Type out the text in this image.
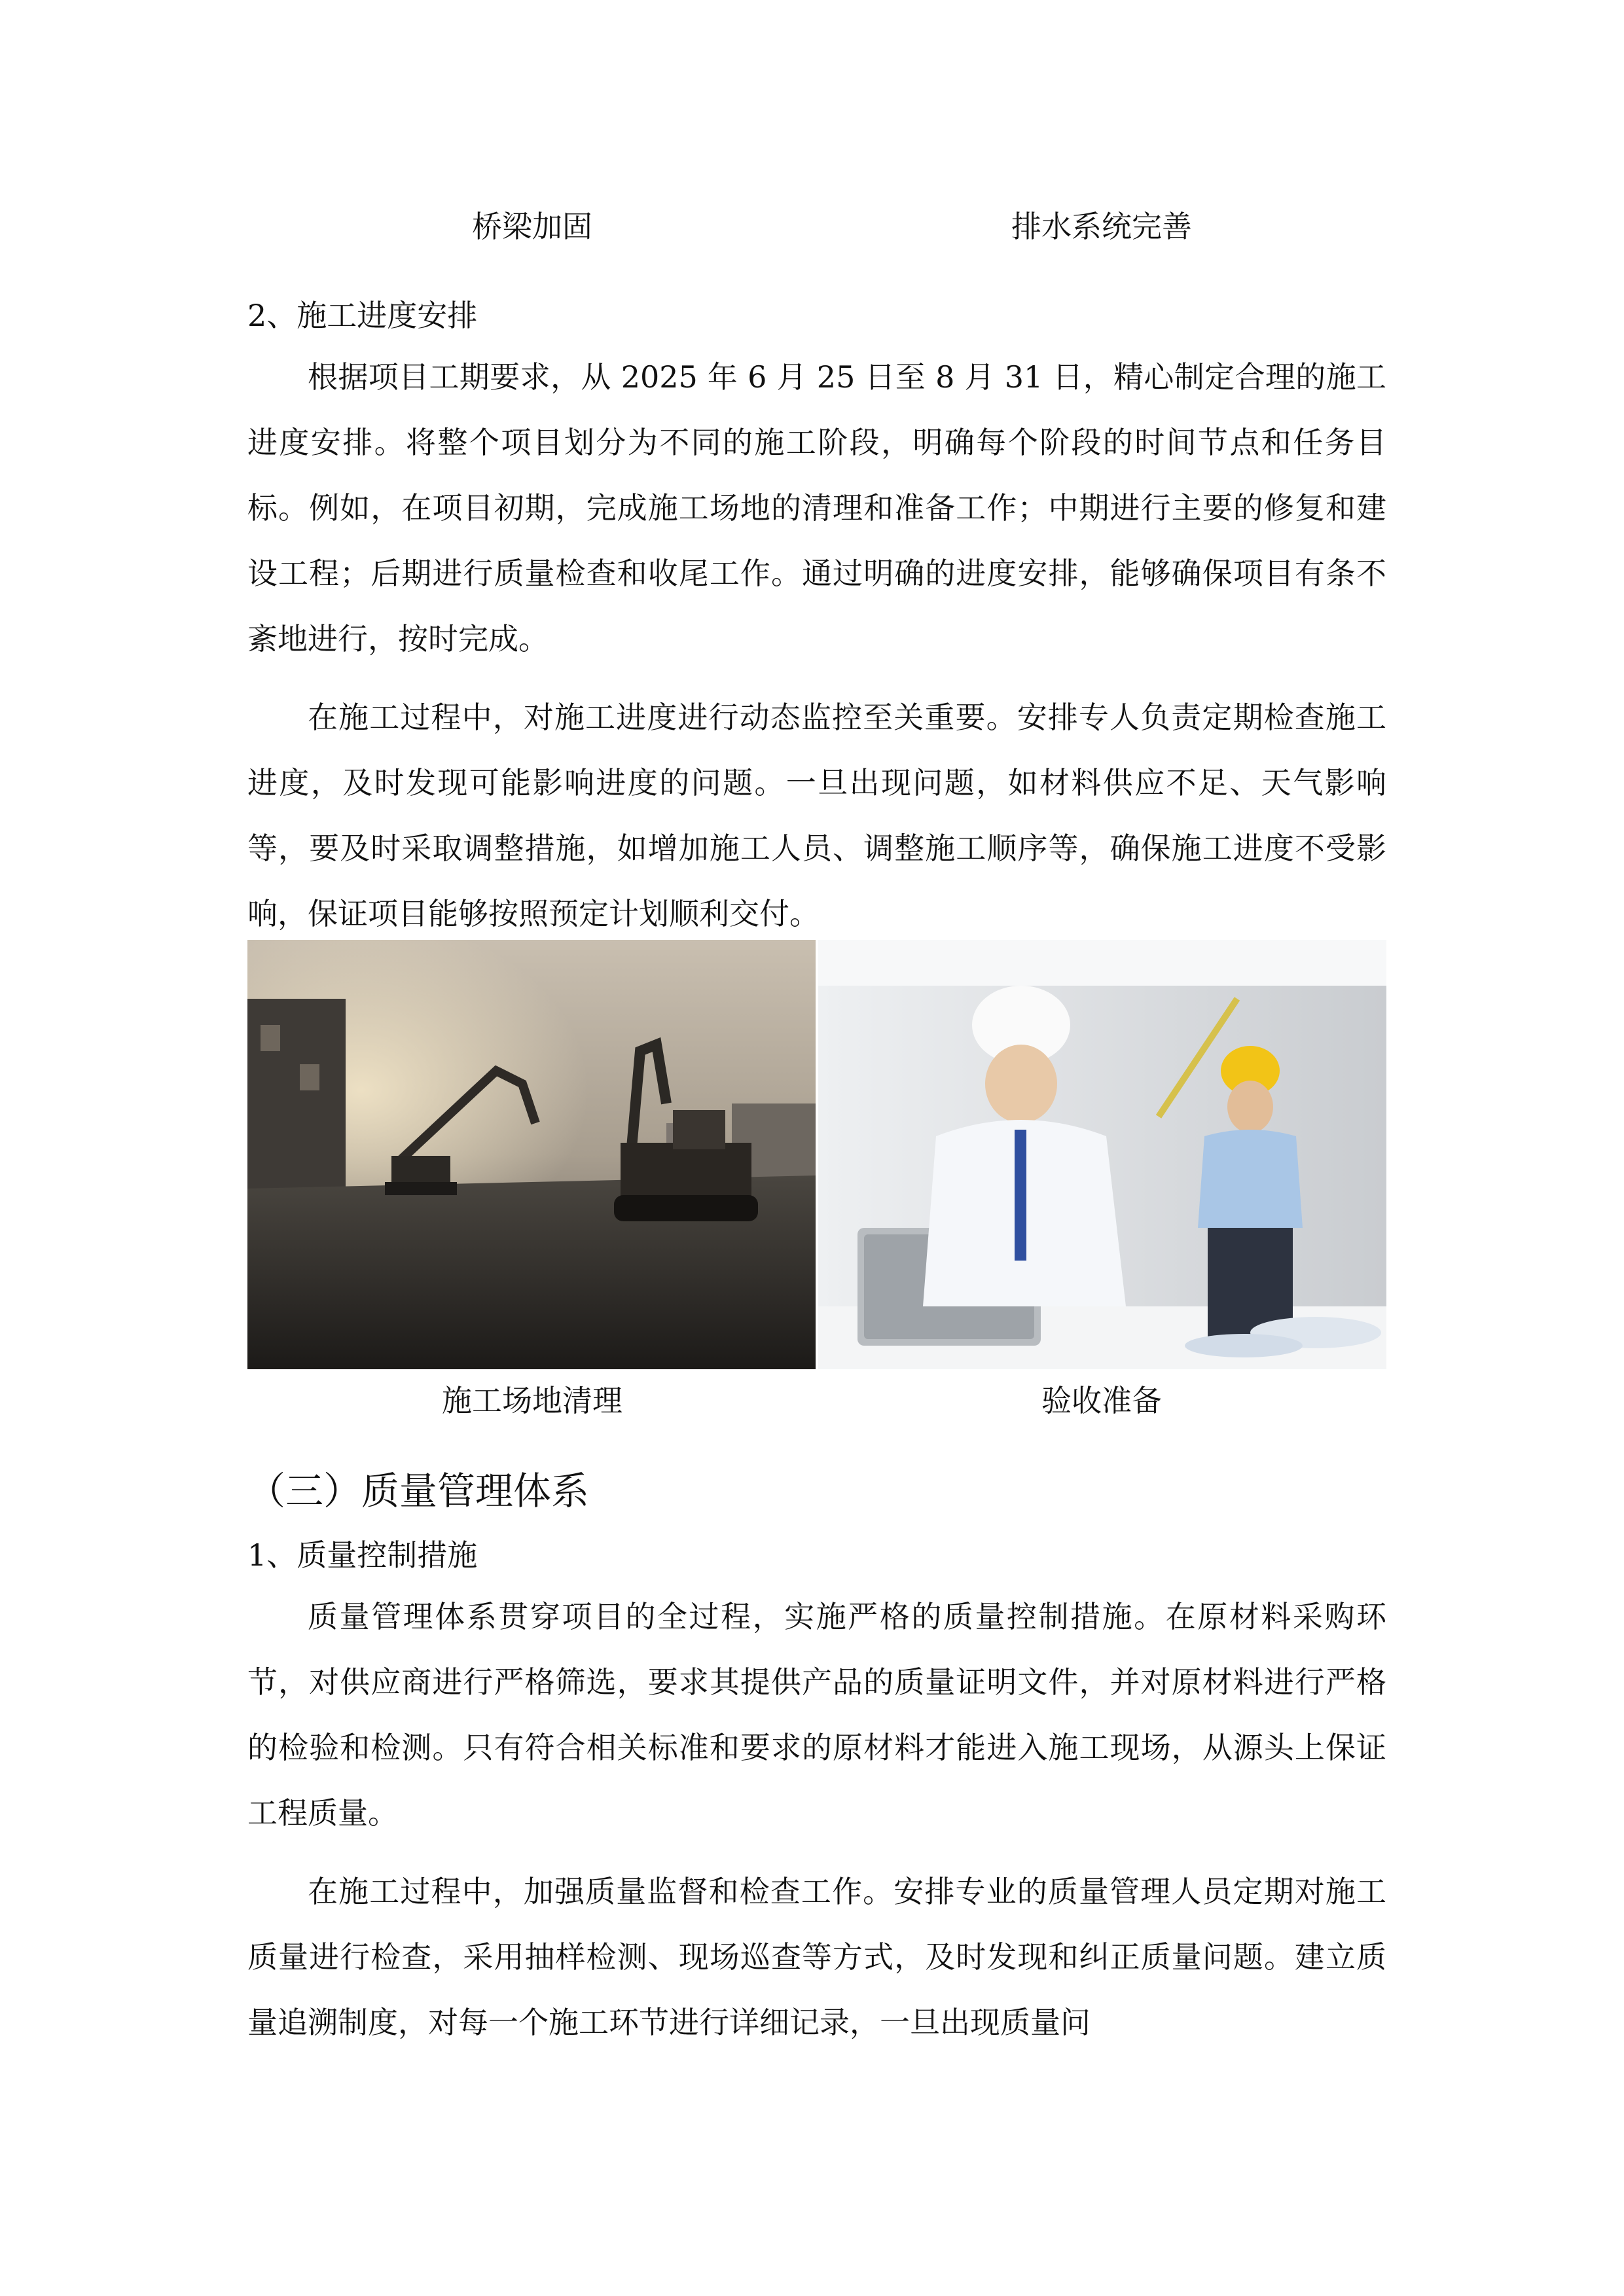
桥梁加固	排水系统完善
2、施工进度安排

根据项目工期要求，从 2025 年 6 月 25 日至 8 月 31 日，精心制定合理的施工进度安排。将整个项目划分为不同的施工阶段，明确每个阶段的时间节点和任务目标。例如，在项目初期，完成施工场地的清理和准备工作；中期进行主要的修复和建设工程；后期进行质量检查和收尾工作。通过明确的进度安排，能够确保项目有条不紊地进行，按时完成。

在施工过程中，对施工进度进行动态监控至关重要。安排专人负责定期检查施工进度，及时发现可能影响进度的问题。一旦出现问题，如材料供应不足、天气影响等，要及时采取调整措施，如增加施工人员、调整施工顺序等，确保施工进度不受影响，保证项目能够按照预定计划顺利交付。

施工场地清理	验收准备
（三）质量管理体系
1、质量控制措施

质量管理体系贯穿项目的全过程，实施严格的质量控制措施。在原材料采购环节，对供应商进行严格筛选，要求其提供产品的质量证明文件，并对原材料进行严格的检验和检测。只有符合相关标准和要求的原材料才能进入施工现场，从源头上保证工程质量。

在施工过程中，加强质量监督和检查工作。安排专业的质量管理人员定期对施工质量进行检查，采用抽样检测、现场巡查等方式，及时发现和纠正质量问题。建立质量追溯制度，对每一个施工环节进行详细记录，一旦出现质量问
